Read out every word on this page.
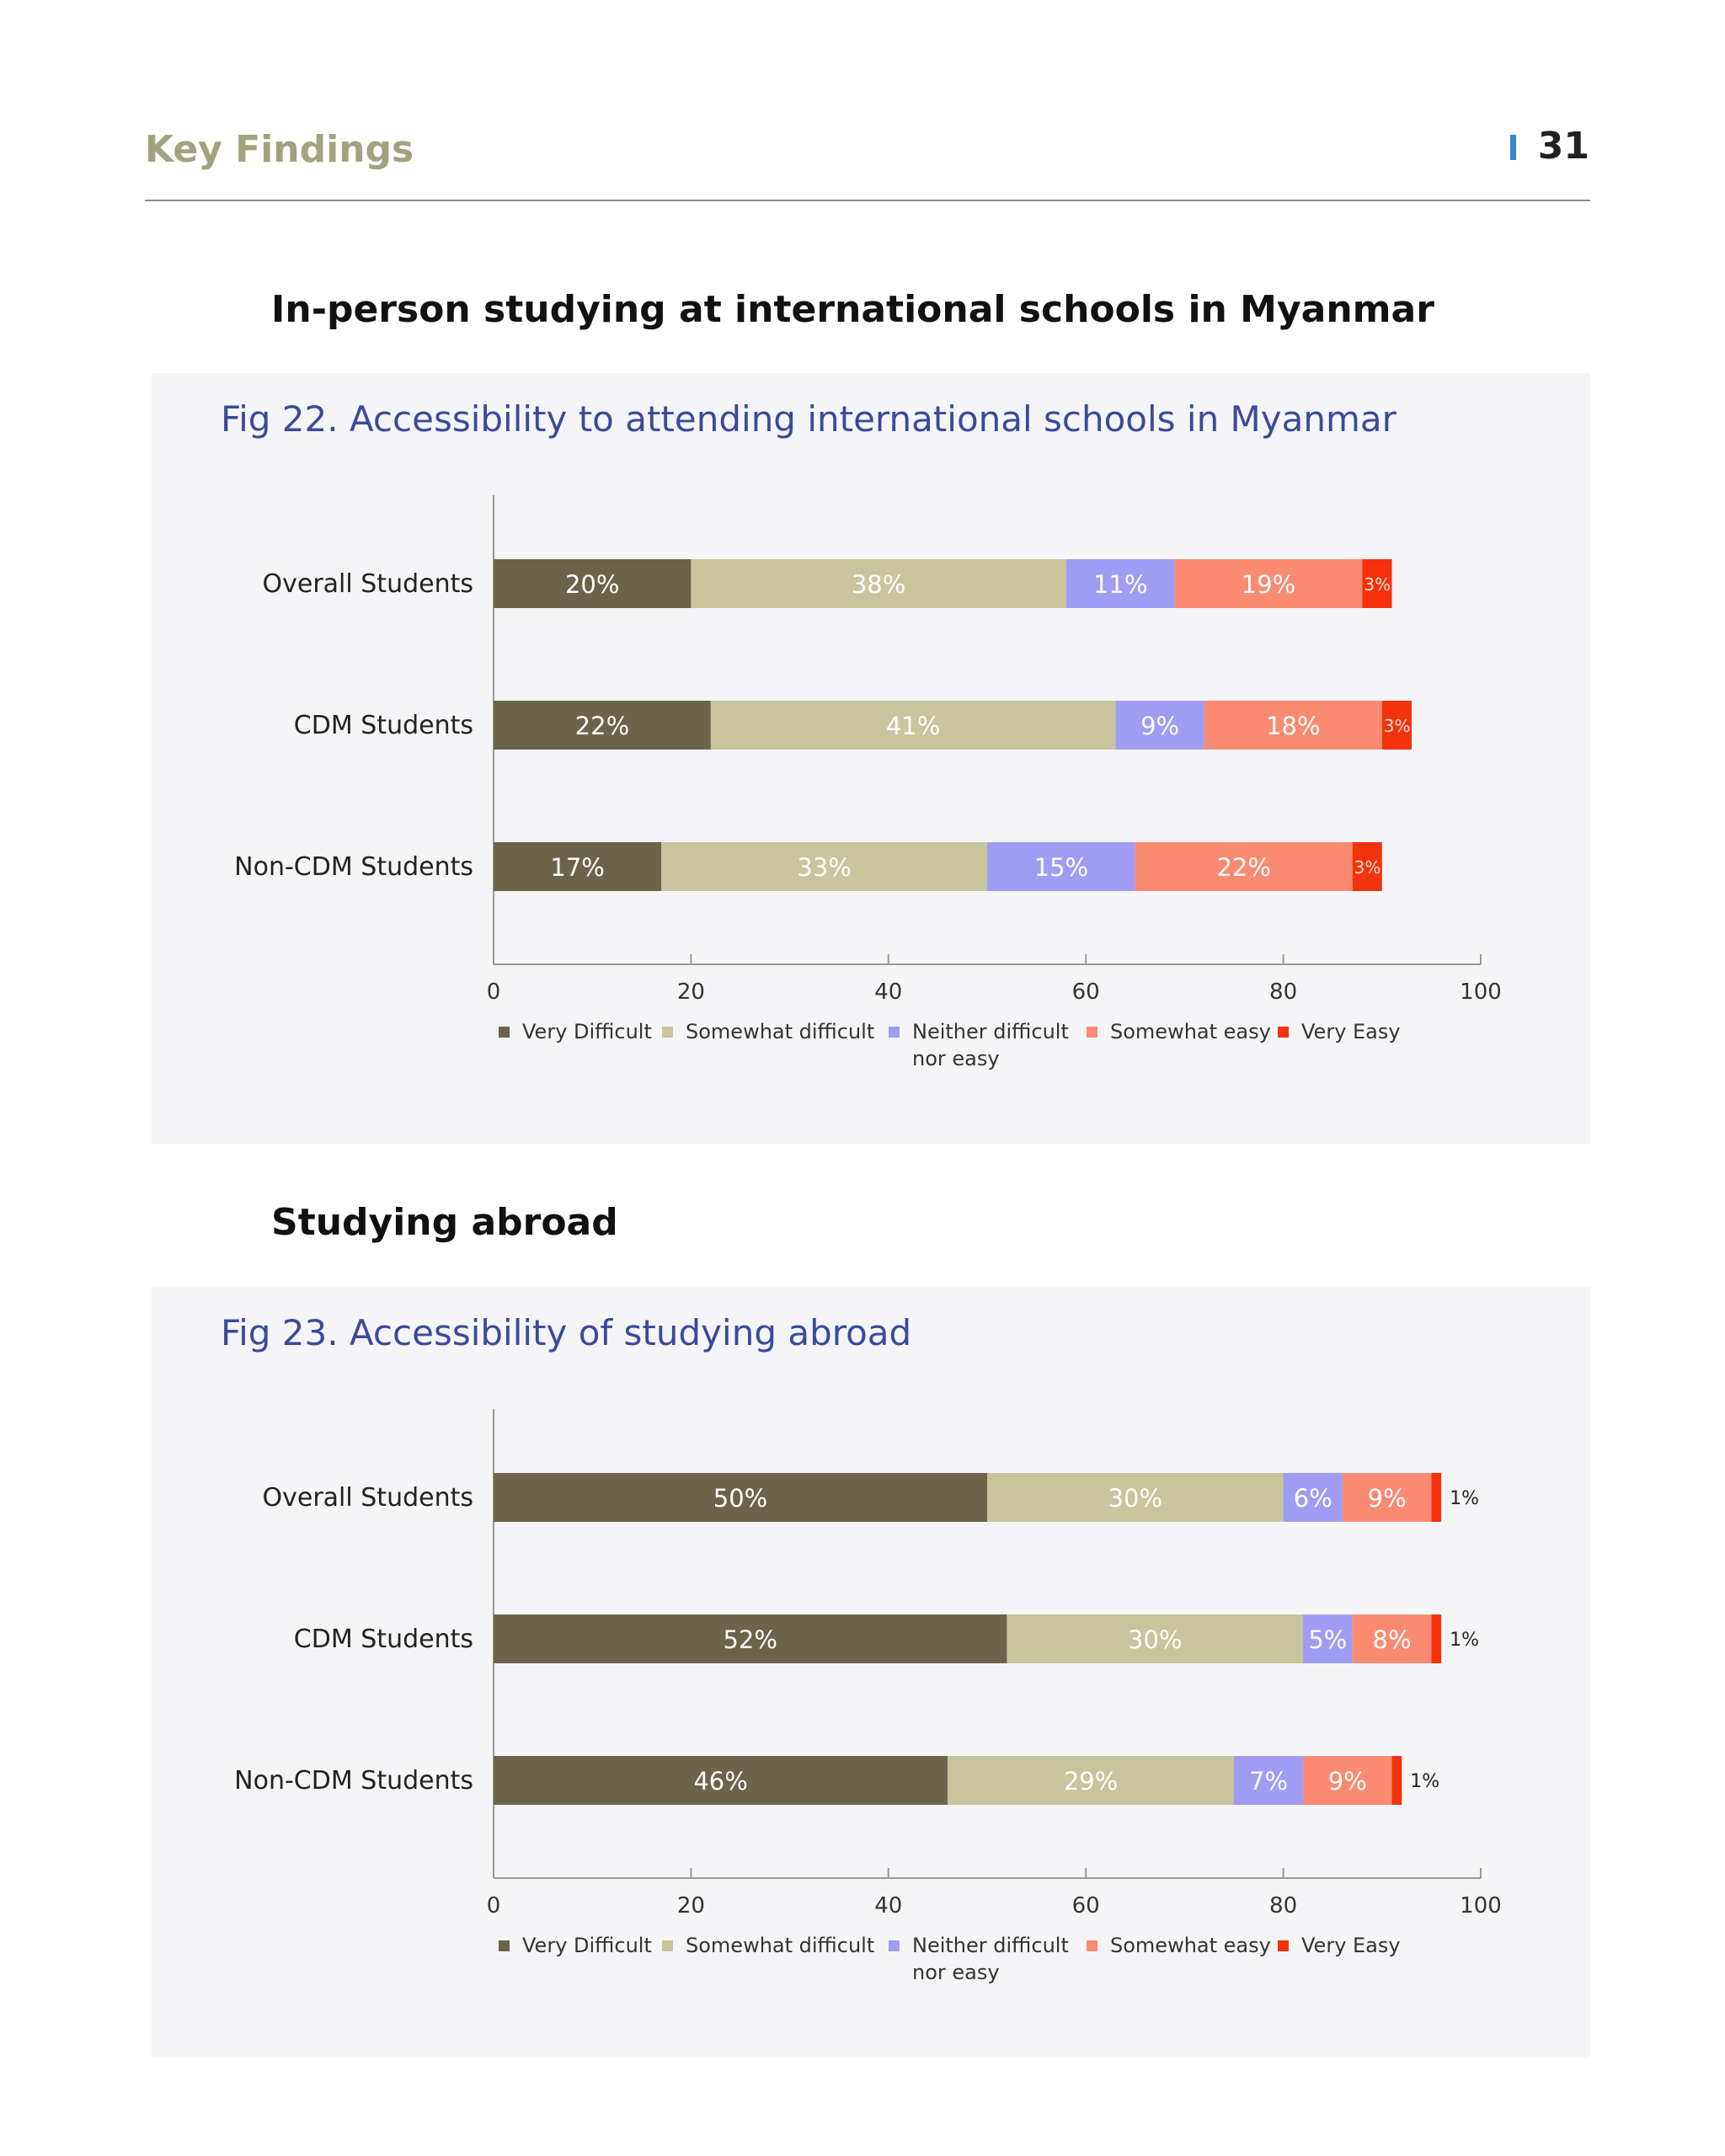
Key Findings	31
In-person studying at international schools in Myanmar
Fig 22. Accessibility to attending international schools in Myanmar
0	20	40	60	80	100
Overall Students	20%	38%	11%	19%	3%
CDM Students	22%	41%	9%	18%	3%
Non-CDM Students	17%	33%	15%	22%	3%
Very Difficult Somewhat difficult Neither difficult
nor easy
Somewhat easy Very Easy
Studying abroad
Fig 23. Accessibility of studying abroad
0	20	40	60	80	100
Overall Students	50%	30%	6% 9% 1%
CDM Students	52%	30%	5% 8% 1%
Non-CDM Students	46%	29%	7% 9% 1%
Very Difficult Somewhat difficult Neither difficult
nor easy
Somewhat easy Very Easy
